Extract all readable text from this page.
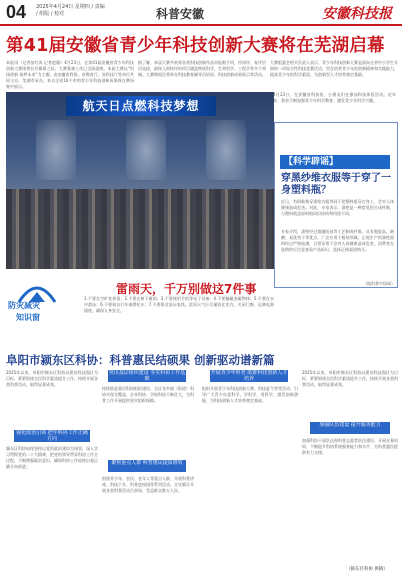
04 2025年4月24日 星期四 / 责编 / 组版 / 校对	科普安徽	安徽科技报
第41届安徽省青少年科技创新大赛将在芜湖启幕
本报讯（记者张红涛 记者赵璇）4月23日，在第41届安徽省青少年科技创新大赛即将拉开帷幕之际，大赛筹备工作已全面就绪。本届大赛以“科技创新 筑梦未来”为主题，由安徽省科协、省教育厅、省科技厅等单位共同主办，芜湖市承办。来自全省16个市的青少年科技创新成果将在赛场集中展示。
据了解，本届大赛共收到各类科技创新作品申报数千项，经初评、复评层层选拔，最终入围终评的项目涵盖物质科学、生命科学、工程学等多个领域。大赛期间还将举办科技教育辅导员培训、科技创新成果展示等活动。
大赛组委会相关负责人表示，青少年科技创新大赛是面向全省中小学生开展的一项综合性科技竞赛活动，旨在培养青少年的创新精神和实践能力，提高青少年的科学素质，为创新型人才培养奠定基础。
航天日点燃科技梦想
4月23日，在安徽省科技馆，小朋友们在参加科技体验活动。近年来，我省不断加强青少年科学教育，激发青少年科学兴趣。
【科学辟谣】
穿黑纱维衣服等于穿了一身塑料瓶？
近日，有网帖称穿涤纶衣服等同于把塑料瓶穿在身上，会对人体健康造成危害。对此，专家表示，涤纶是一种常见的合成纤维，与塑料瓶虽原料相同但结构和用途不同。
专家介绍，涤纶经过熔融纺丝等工艺制成纤维，具有强度高、耐磨、易洗快干等优点，广泛应用于服装领域。正规生产的涤纶面料经过严格检测，日常穿着不会对人体健康造成危害。消费者在选购时应注意查看产品标识，选择正规渠道购买。
（据科普中国网）
防灾减灾
知识窗
雷雨天，千万别做这7件事
1.不要在空旷处停留；2.不要在树下避雨；3.不要使用手机等电子设备；4.不要触碰金属物体；5.不要在水中游泳；6.不要骑自行车或摩托车；7.不要靠近高压电线。雷雨天气应尽量留在室内，关闭门窗，远离电源插座，确保人身安全。
阜阳市颍东区科协：科普惠民结硕果 创新驱动谱新篇
2025年以来，阜阳市颍东区科协以建设科技强区为目标，紧紧围绕全民科学素质提升工作，持续开展各类科普活动，取得显著成效。
强化政治引领 把牢科协工作正确方向
颍东区科协始终坚持以党的政治建设为统领，深入学习贯彻党的二十大精神，把党的领导贯穿科协工作全过程，不断增强政治意识，确保科协工作始终沿着正确方向前进。
突出基层组织建设 夯实科协工作基础
持续推进基层科协组织建设，全区各乡镇（街道）科协实现全覆盖，企业科协、学校科协不断壮大，为科普工作开展提供坚实组织保障。
聚焦重点人群 科普惠民提质增效
围绕青少年、农民、老年人等重点人群，开展科普讲座、科技下乡、科普进校园等系列活动，全年累计开展各类科普活动百余场，受益群众数万人次。
开展青少年科普 助推科技创新人才培养
组织开展青少年科技创新大赛、科技夏令营等活动，引导广大青少年爱科学、学科学、用科学，激发创新潜能，为科技创新人才培养奠定基础。
加强队伍建设 提升服务能力
2025年以来，阜阳市颍东区科协以建设科技强区为目标，紧紧围绕全民科学素质提升工作，持续开展各类科普活动，取得显著成效。
加强科协干部队伍和科普志愿者队伍建设，开展业务培训，不断提升科协系统服务能力和水平，为科普惠民提供有力支撑。
（颍东区科协 供稿）
